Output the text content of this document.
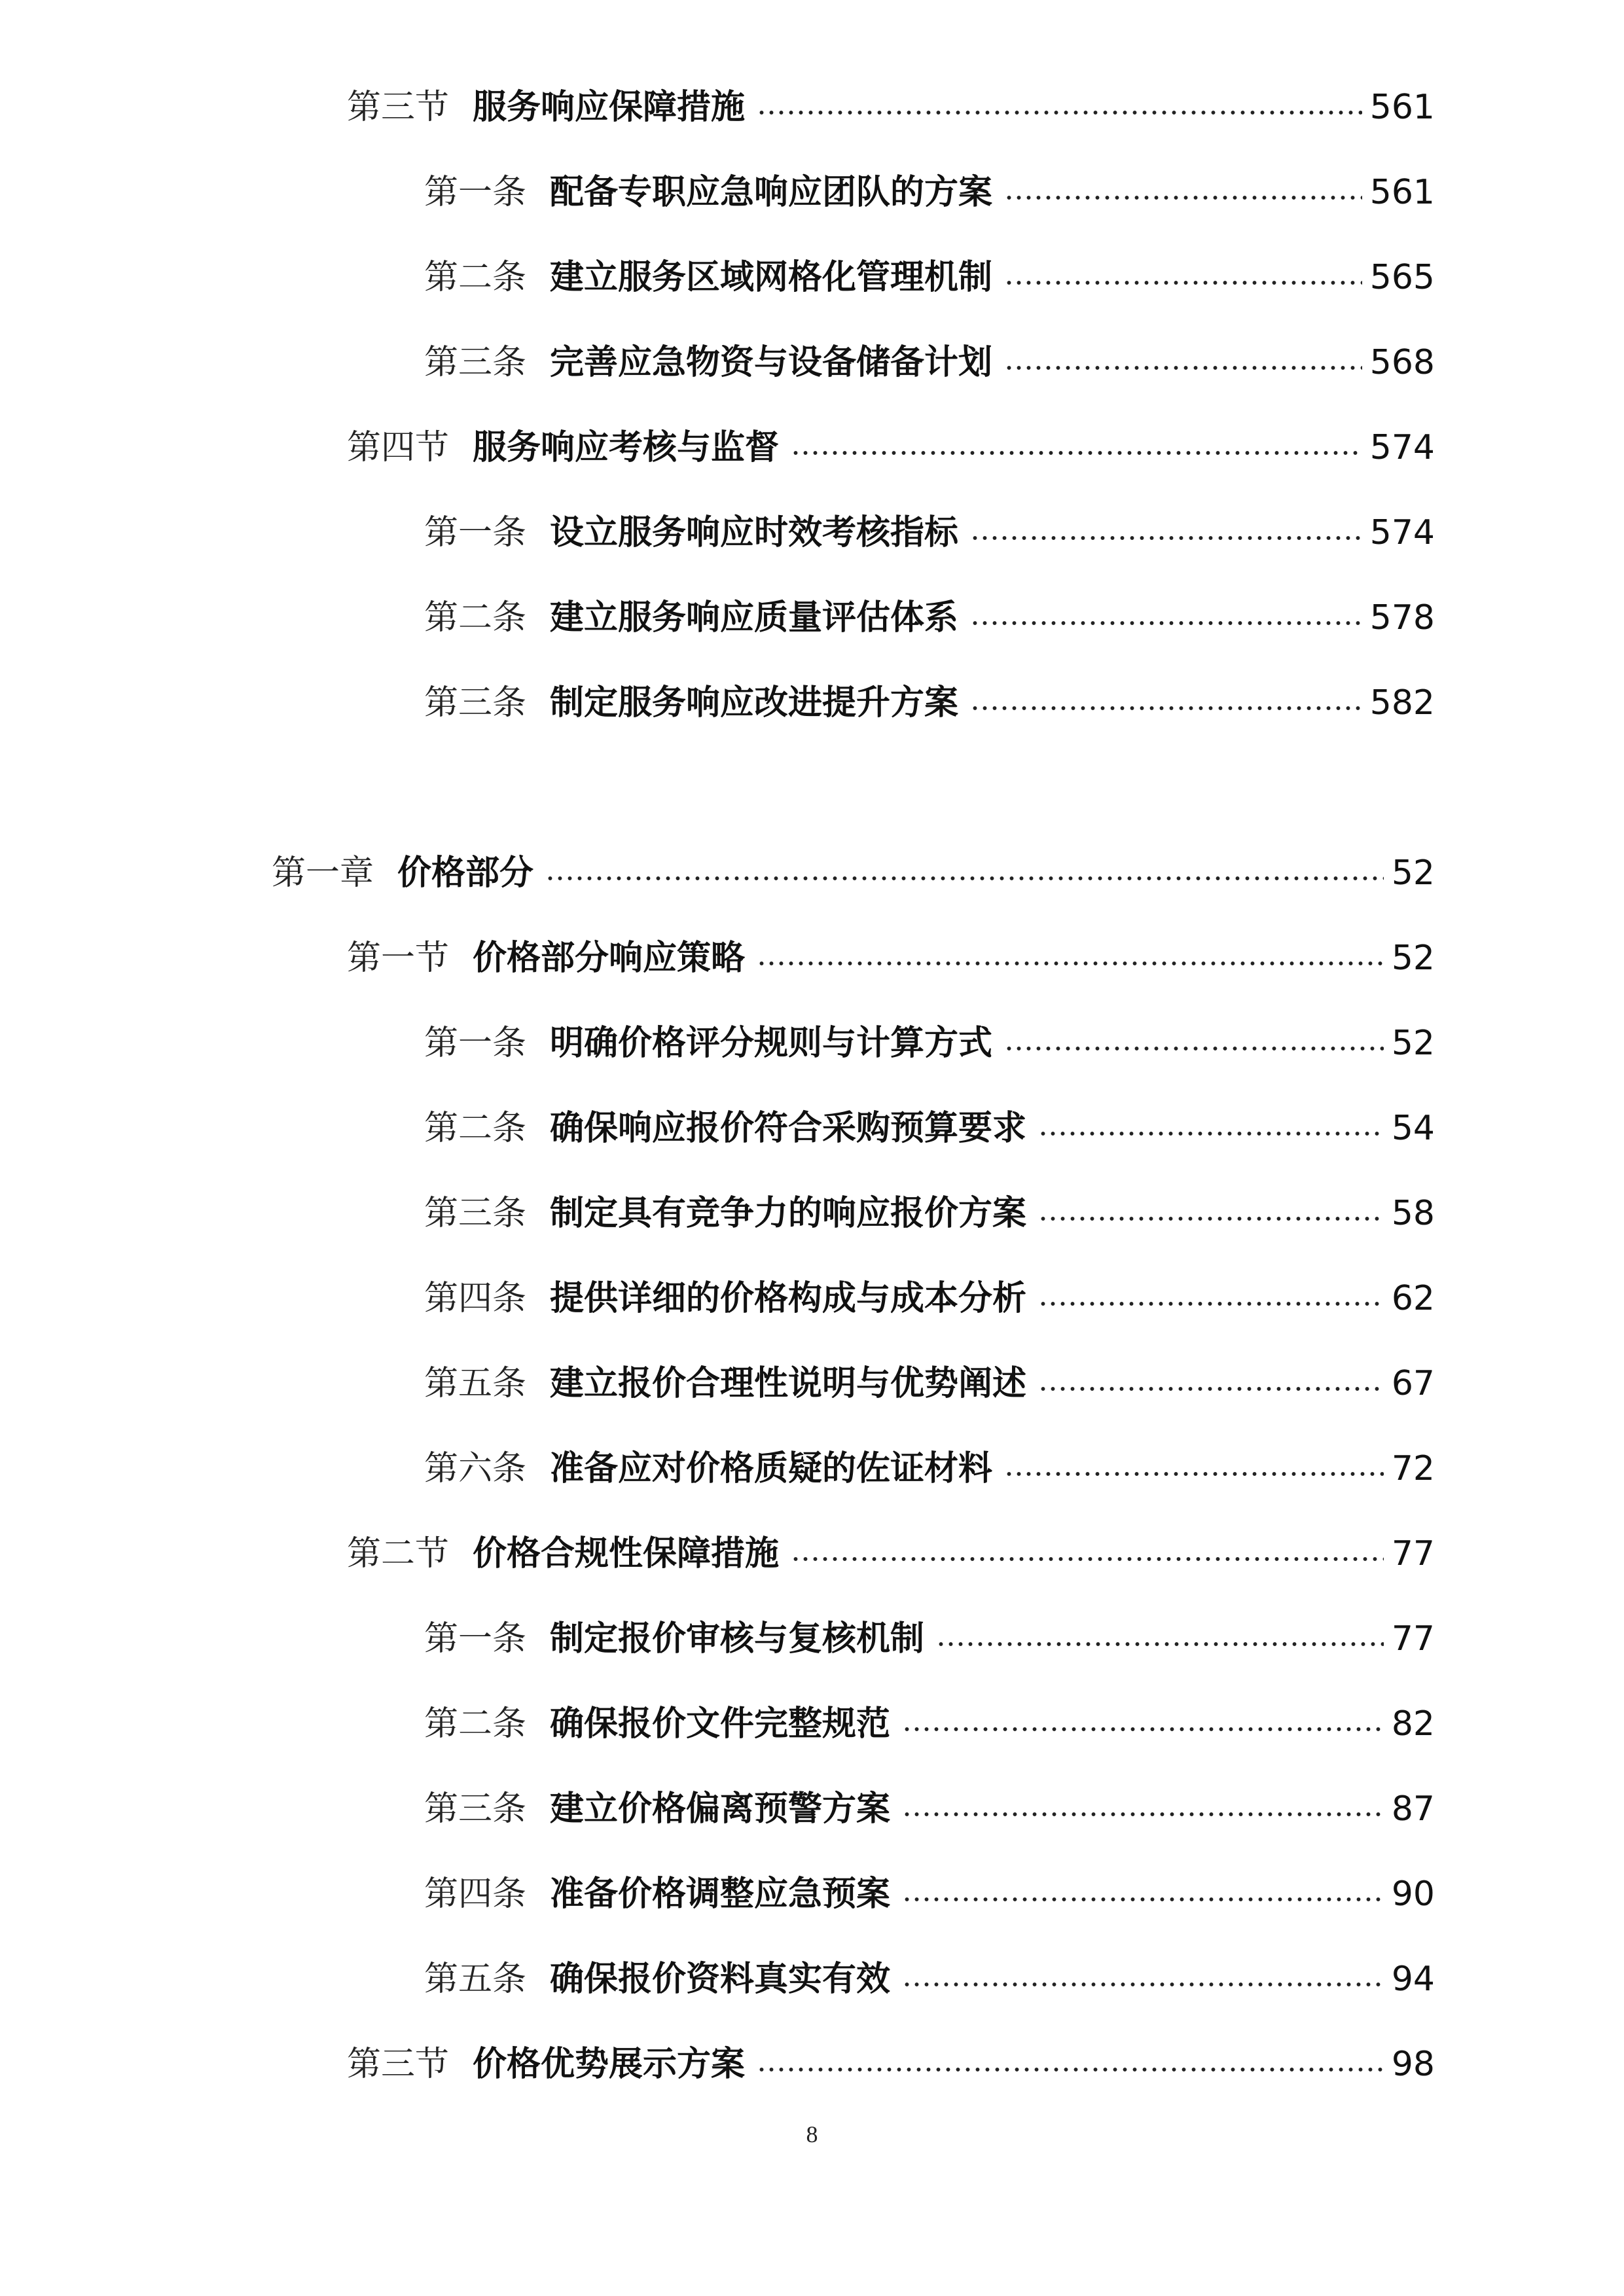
第三节 服务响应保障措施	561
第一条 配备专职应急响应团队的方案	561
第二条 建立服务区域网格化管理机制	565
第三条 完善应急物资与设备储备计划	568
第四节 服务响应考核与监督	574
第一条 设立服务响应时效考核指标	574
第二条 建立服务响应质量评估体系	578
第三条 制定服务响应改进提升方案	582
第一章 价格部分	52
第一节 价格部分响应策略	52
第一条 明确价格评分规则与计算方式	52
第二条 确保响应报价符合采购预算要求	54
第三条 制定具有竞争力的响应报价方案	58
第四条 提供详细的价格构成与成本分析	62
第五条 建立报价合理性说明与优势阐述	67
第六条 准备应对价格质疑的佐证材料	72
第二节 价格合规性保障措施	77
第一条 制定报价审核与复核机制	77
第二条 确保报价文件完整规范	82
第三条 建立价格偏离预警方案	87
第四条 准备价格调整应急预案	90
第五条 确保报价资料真实有效	94
第三节 价格优势展示方案	98
8
